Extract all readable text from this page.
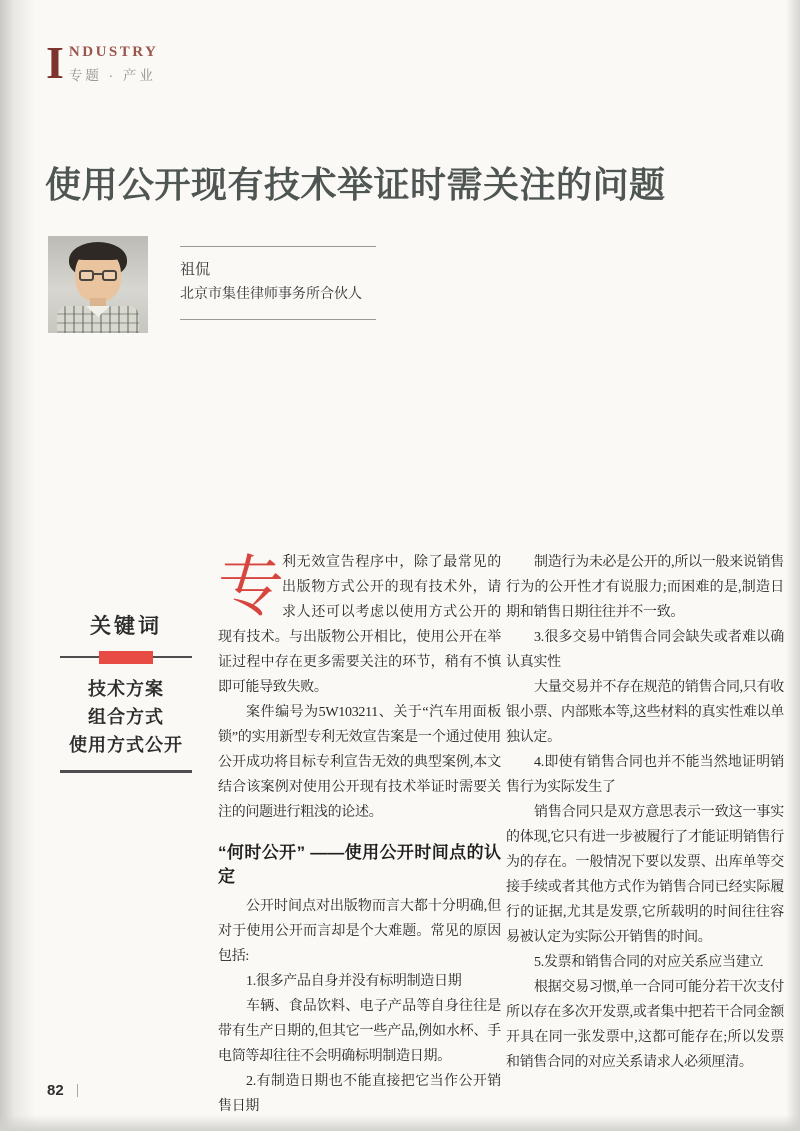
I NDUSTRY
专题 · 产业
使用公开现有技术举证时需关注的问题
祖侃
北京市集佳律师事务所合伙人
关键词
技术方案
组合方式
使用方式公开

专
利无效宣告程序中，除了最常见的出版物方式公开的现有技术外，请求人还可以考虑以使用方式公开的现有技术。与出版物公开相比，使用公开在举证过程中存在更多需要关注的环节，稍有不慎即可能导致失败。

案件编号为5W103211、关于“汽车用面板锁”的实用新型专利无效宣告案是一个通过使用公开成功将目标专利宣告无效的典型案例,本文结合该案例对使用公开现有技术举证时需要关注的问题进行粗浅的论述。

“何时公开” ——使用公开时间点的认定

公开时间点对出版物而言大都十分明确,但对于使用公开而言却是个大难题。常见的原因包括:

1.很多产品自身并没有标明制造日期

车辆、食品饮料、电子产品等自身往往是带有生产日期的,但其它一些产品,例如水杯、手电筒等却往往不会明确标明制造日期。

2.有制造日期也不能直接把它当作公开销售日期

制造行为未必是公开的,所以一般来说销售行为的公开性才有说服力;而困难的是,制造日期和销售日期往往并不一致。

3.很多交易中销售合同会缺失或者难以确认真实性

大量交易并不存在规范的销售合同,只有收银小票、内部账本等,这些材料的真实性难以单独认定。

4.即使有销售合同也并不能当然地证明销售行为实际发生了

销售合同只是双方意思表示一致这一事实的体现,它只有进一步被履行了才能证明销售行为的存在。一般情况下要以发票、出库单等交接手续或者其他方式作为销售合同已经实际履行的证据,尤其是发票,它所载明的时间往往容易被认定为实际公开销售的时间。

5.发票和销售合同的对应关系应当建立

根据交易习惯,单一合同可能分若干次支付所以存在多次开发票,或者集中把若干合同金额开具在同一张发票中,这都可能存在;所以发票和销售合同的对应关系请求人必须厘清。

82
